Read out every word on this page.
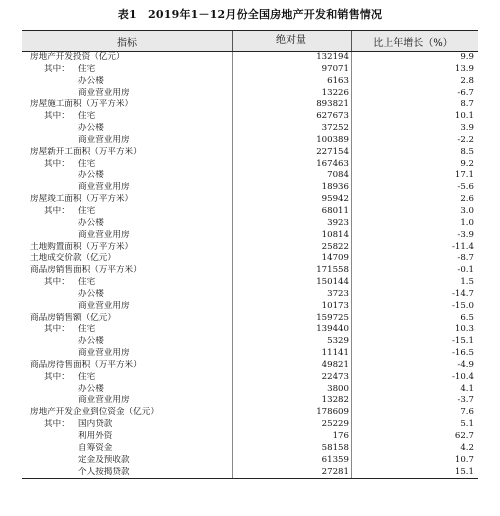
表1　2019年1－12月份全国房地产开发和销售情况
指标	绝对量	比上年增长（%）
房地产开发投资（亿元）	132194	9.9
其中： 住宅	97071	13.9
办公楼	6163	2.8
商业营业用房	13226	-6.7
房屋施工面积（万平方米）	893821	8.7
其中： 住宅	627673	10.1
办公楼	37252	3.9
商业营业用房	100389	-2.2
房屋新开工面积（万平方米）	227154	8.5
其中： 住宅	167463	9.2
办公楼	7084	17.1
商业营业用房	18936	-5.6
房屋竣工面积（万平方米）	95942	2.6
其中： 住宅	68011	3.0
办公楼	3923	1.0
商业营业用房	10814	-3.9
土地购置面积（万平方米）	25822	-11.4
土地成交价款（亿元）	14709	-8.7
商品房销售面积（万平方米）	171558	-0.1
其中： 住宅	150144	1.5
办公楼	3723	-14.7
商业营业用房	10173	-15.0
商品房销售额（亿元）	159725	6.5
其中： 住宅	139440	10.3
办公楼	5329	-15.1
商业营业用房	11141	-16.5
商品房待售面积（万平方米）	49821	-4.9
其中： 住宅	22473	-10.4
办公楼	3800	4.1
商业营业用房	13282	-3.7
房地产开发企业到位资金（亿元）	178609	7.6
其中： 国内贷款	25229	5.1
利用外资	176	62.7
自筹资金	58158	4.2
定金及预收款	61359	10.7
个人按揭贷款	27281	15.1
